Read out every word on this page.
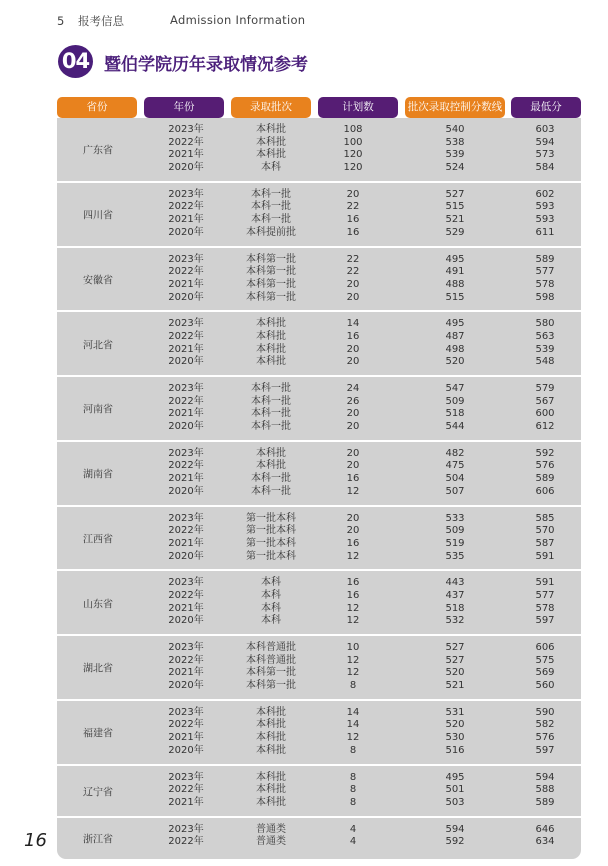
5 报考信息	Admission Information
04 暨伯学院历年录取情况参考
省份	年份	录取批次	计划数	批次录取控制分数线	最低分
广东省
2023年	本科批	108	540	603
2022年	本科批	100	538	594
2021年	本科批	120	539	573
2020年	本科	120	524	584
四川省
2023年	本科一批	20	527	602
2022年	本科一批	22	515	593
2021年	本科一批	16	521	593
2020年	本科提前批	16	529	611
安徽省
2023年	本科第一批	22	495	589
2022年	本科第一批	22	491	577
2021年	本科第一批	20	488	578
2020年	本科第一批	20	515	598
河北省
2023年	本科批	14	495	580
2022年	本科批	16	487	563
2021年	本科批	20	498	539
2020年	本科批	20	520	548
河南省
2023年	本科一批	24	547	579
2022年	本科一批	26	509	567
2021年	本科一批	20	518	600
2020年	本科一批	20	544	612
湖南省
2023年	本科批	20	482	592
2022年	本科批	20	475	576
2021年	本科一批	16	504	589
2020年	本科一批	12	507	606
江西省
2023年	第一批本科	20	533	585
2022年	第一批本科	20	509	570
2021年	第一批本科	16	519	587
2020年	第一批本科	12	535	591
山东省
2023年	本科	16	443	591
2022年	本科	16	437	577
2021年	本科	12	518	578
2020年	本科	12	532	597
湖北省
2023年	本科普通批	10	527	606
2022年	本科普通批	12	527	575
2021年	本科第一批	12	520	569
2020年	本科第一批	8	521	560
福建省
2023年	本科批	14	531	590
2022年	本科批	14	520	582
2021年	本科批	12	530	576
2020年	本科批	8	516	597
辽宁省
2023年	本科批	8	495	594
2022年	本科批	8	501	588
2021年	本科批	8	503	589
浙江省
2023年	普通类	4	594	646
2022年	普通类	4	592	634
16
